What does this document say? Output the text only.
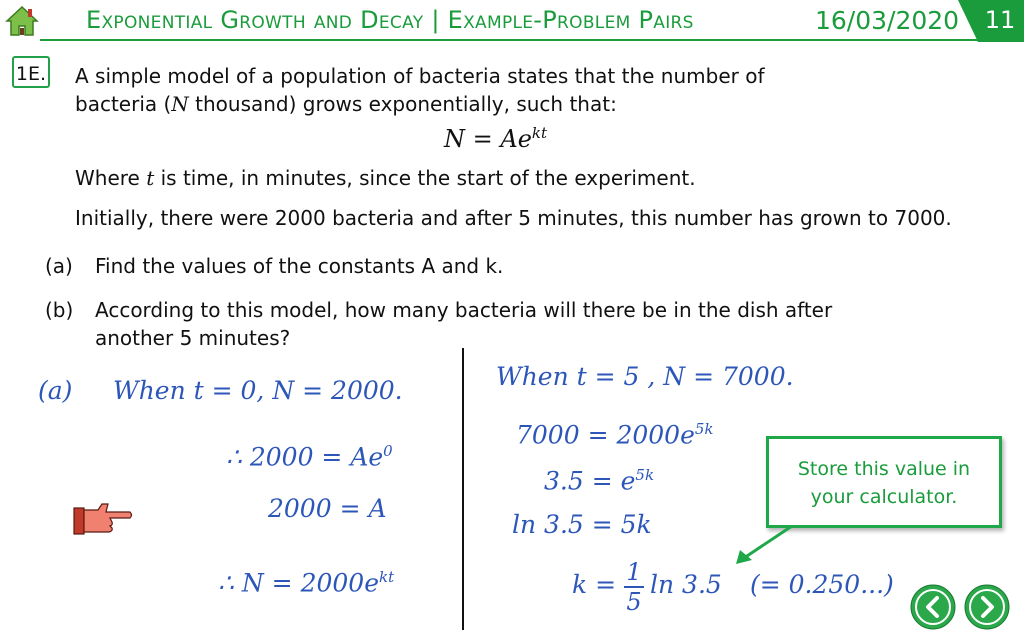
Exponential Growth and Decay | Example-Problem Pairs	16/03/2020 11
1E. A simple model of a population of bacteria states that the number of
bacteria (N thousand) grows exponentially, such that:
$N = Ae^{kt}$
Where t is time, in minutes, since the start of the experiment.
Initially, there were 2000 bacteria and after 5 minutes, this number has grown to 7000.
(a) Find the values of the constants A and k.
(b) According to this model, how many bacteria will there be in the dish after
another 5 minutes?
(a) When t = 0, N = 2000.
∴ $2000 = Ae^0$
2000 = A
∴ $N = 2000e^{kt}$
When t = 5 , N = 7000.
$7000 = 2000e^{5k}$
$3.5 = e^{5k}$
ln 3.5 = 5k
k = 1
5
ln 3.5 (= 0.250...)
Store this value in
your calculator.
